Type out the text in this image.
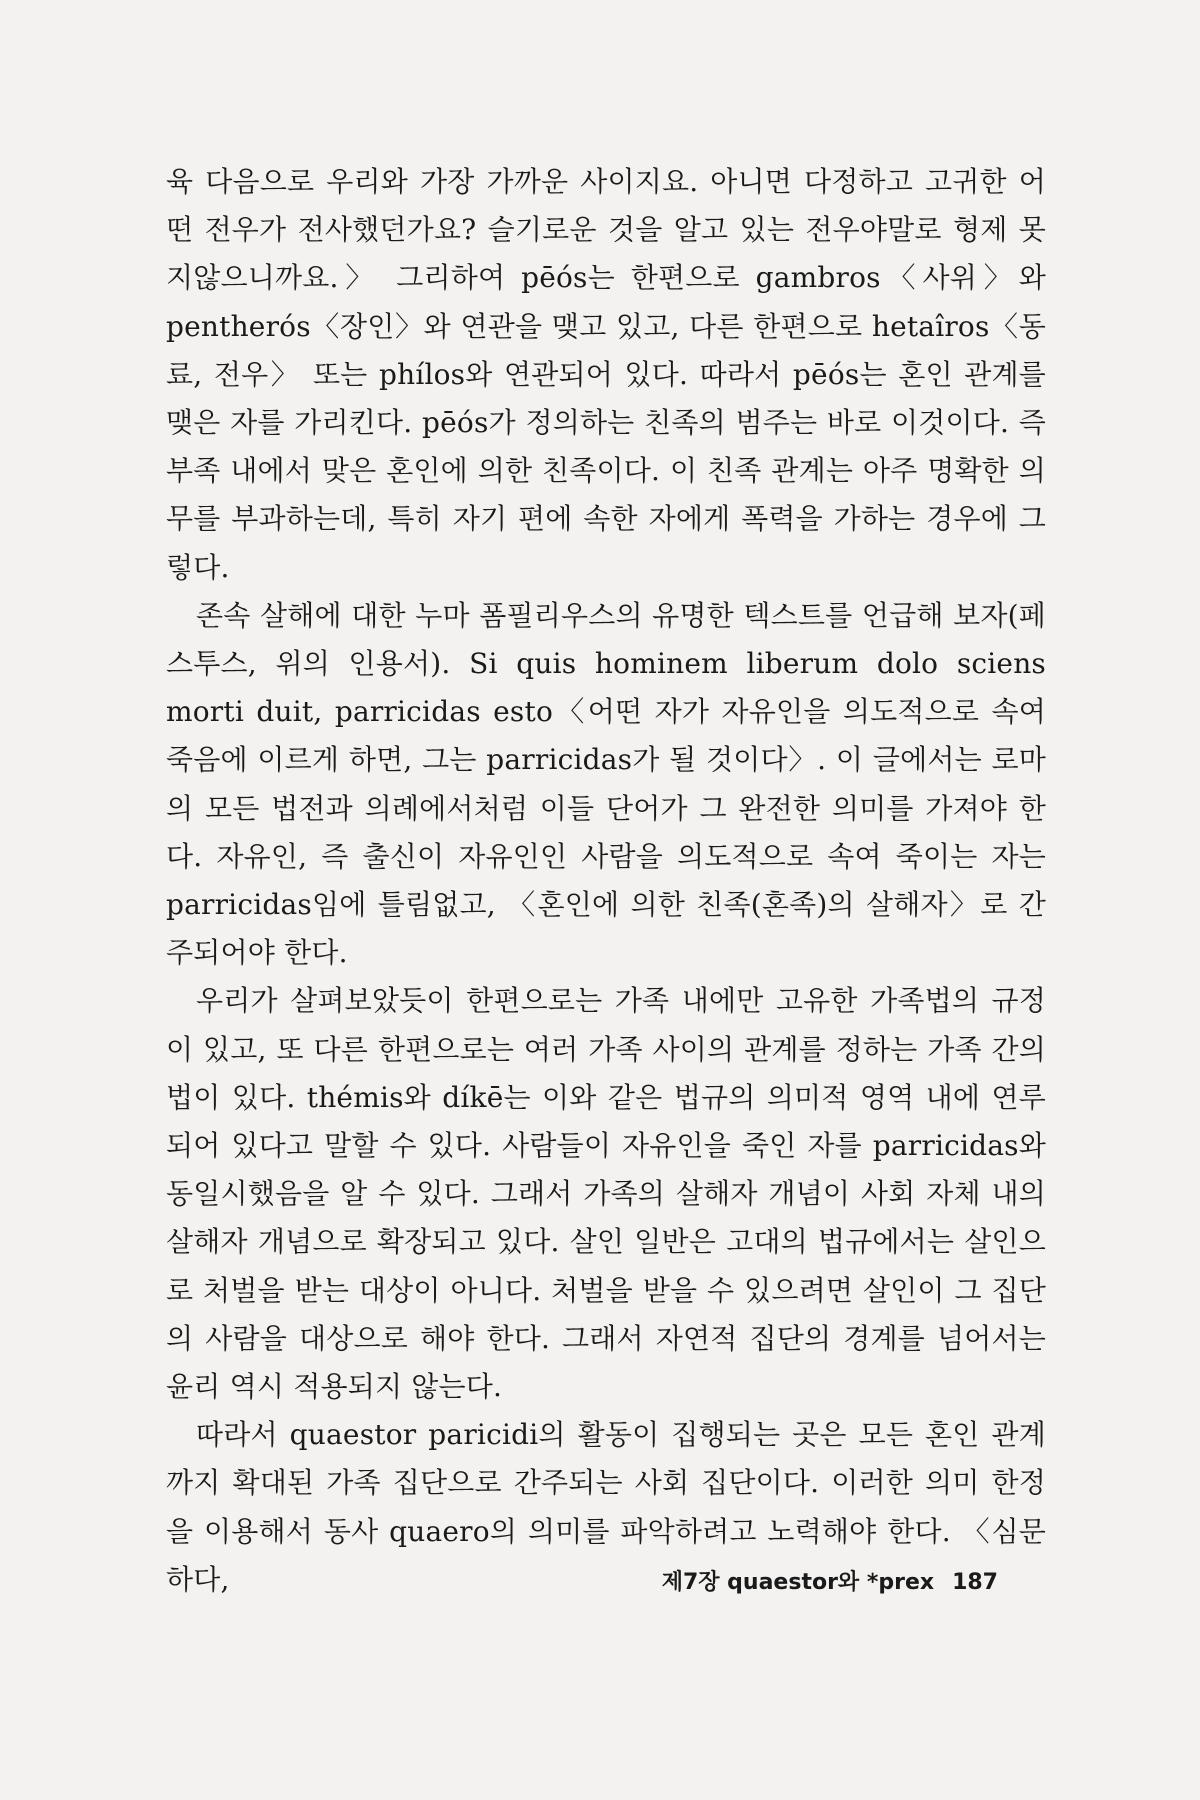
육 다음으로 우리와 가장 가까운 사이지요. 아니면 다정하고 고귀한 어떤 전우가 전사했던가요? 슬기로운 것을 알고 있는 전우야말로 형제 못지않으니까요.〉 그리하여 pēós는 한편으로 gambros〈사위〉와 pentherós〈장인〉와 연관을 맺고 있고, 다른 한편으로 hetaîros〈동료, 전우〉 또는 phílos와 연관되어 있다. 따라서 pēós는 혼인 관계를 맺은 자를 가리킨다. pēós가 정의하는 친족의 범주는 바로 이것이다. 즉 부족 내에서 맞은 혼인에 의한 친족이다. 이 친족 관계는 아주 명확한 의무를 부과하는데, 특히 자기 편에 속한 자에게 폭력을 가하는 경우에 그렇다.

존속 살해에 대한 누마 폼필리우스의 유명한 텍스트를 언급해 보자(페스투스, 위의 인용서). Si quis hominem liberum dolo sciens morti duit, parricidas esto〈어떤 자가 자유인을 의도적으로 속여 죽음에 이르게 하면, 그는 parricidas가 될 것이다〉. 이 글에서는 로마의 모든 법전과 의례에서처럼 이들 단어가 그 완전한 의미를 가져야 한다. 자유인, 즉 출신이 자유인인 사람을 의도적으로 속여 죽이는 자는 parricidas임에 틀림없고, 〈혼인에 의한 친족(혼족)의 살해자〉로 간주되어야 한다.

우리가 살펴보았듯이 한편으로는 가족 내에만 고유한 가족법의 규정이 있고, 또 다른 한편으로는 여러 가족 사이의 관계를 정하는 가족 간의 법이 있다. thémis와 díkē는 이와 같은 법규의 의미적 영역 내에 연루되어 있다고 말할 수 있다. 사람들이 자유인을 죽인 자를 parricidas와 동일시했음을 알 수 있다. 그래서 가족의 살해자 개념이 사회 자체 내의 살해자 개념으로 확장되고 있다. 살인 일반은 고대의 법규에서는 살인으로 처벌을 받는 대상이 아니다. 처벌을 받을 수 있으려면 살인이 그 집단의 사람을 대상으로 해야 한다. 그래서 자연적 집단의 경계를 넘어서는 윤리 역시 적용되지 않는다.

따라서 quaestor paricidi의 활동이 집행되는 곳은 모든 혼인 관계까지 확대된 가족 집단으로 간주되는 사회 집단이다. 이러한 의미 한정을 이용해서 동사 quaero의 의미를 파악하려고 노력해야 한다. 〈심문하다,	제7장 quaestor와 *prex 187
